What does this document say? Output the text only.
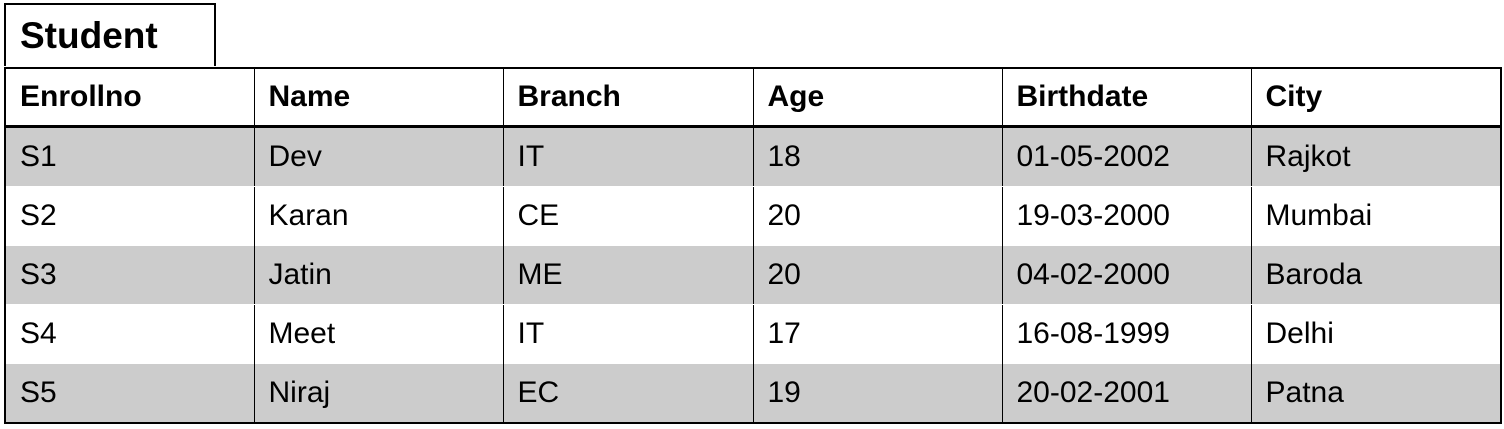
Student
Enrollno	Name	Branch	Age	Birthdate	City
S1	Dev	IT	18	01-05-2002	Rajkot
S2	Karan	CE	20	19-03-2000	Mumbai
S3	Jatin	ME	20	04-02-2000	Baroda
S4	Meet	IT	17	16-08-1999	Delhi
S5	Niraj	EC	19	20-02-2001	Patna
